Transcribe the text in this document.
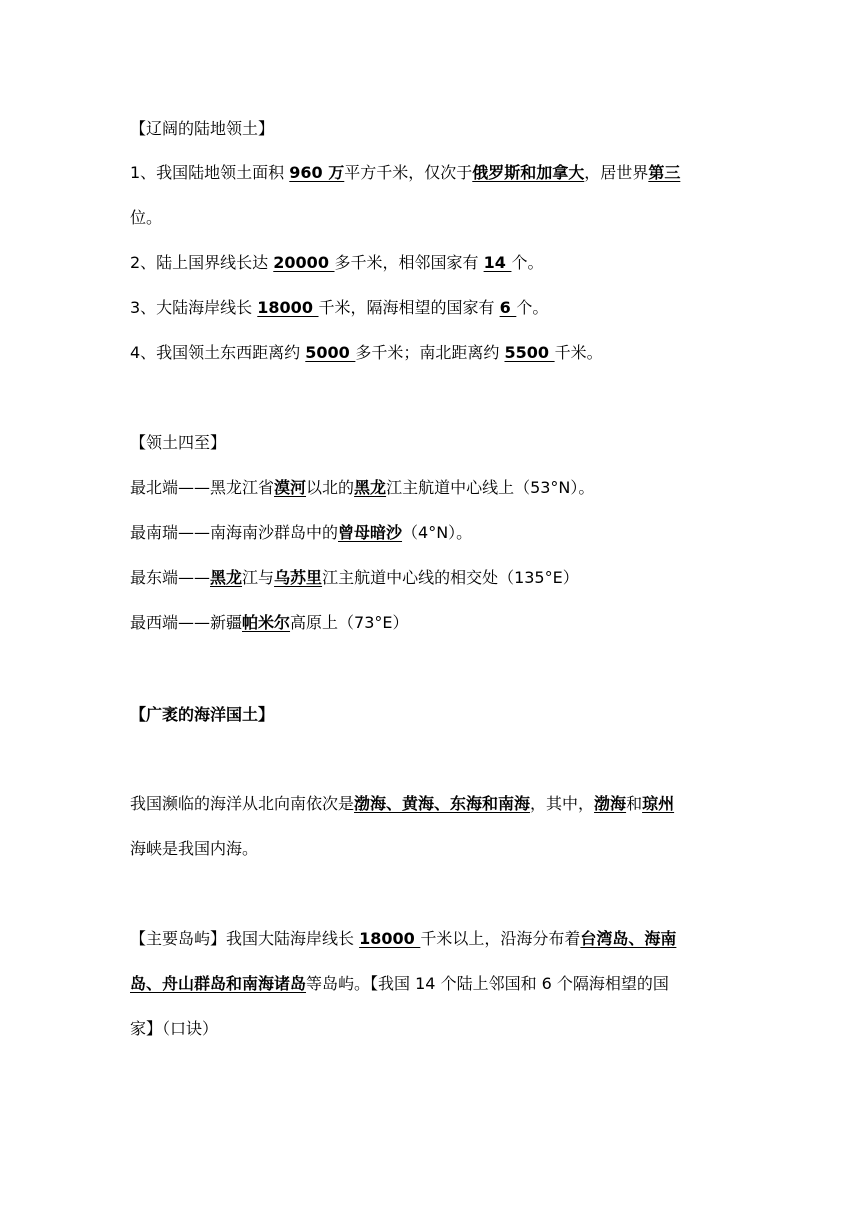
【辽阔的陆地领土】
1、我国陆地领土面积 960 万平方千米，仅次于俄罗斯和加拿大，居世界第三
位。
2、陆上国界线长达 20000 多千米，相邻国家有 14 个。
3、大陆海岸线长 18000 千米，隔海相望的国家有 6 个。
4、我国领土东西距离约 5000 多千米；南北距离约 5500 千米。
【领土四至】
最北端——黑龙江省漠河以北的黑龙江主航道中心线上（53°N）。
最南瑞——南海南沙群岛中的曾母暗沙（4°N）。
最东端——黑龙江与乌苏里江主航道中心线的相交处（135°E）
最西端——新疆帕米尔高原上（73°E）
【广袤的海洋国土】
我国濒临的海洋从北向南依次是渤海、黄海、东海和南海，其中，渤海和琼州
海峡是我国内海。
【主要岛屿】我国大陆海岸线长 18000 千米以上，沿海分布着台湾岛、海南
岛、舟山群岛和南海诸岛等岛屿。【我国 14 个陆上邻国和 6 个隔海相望的国
家】（口诀）
